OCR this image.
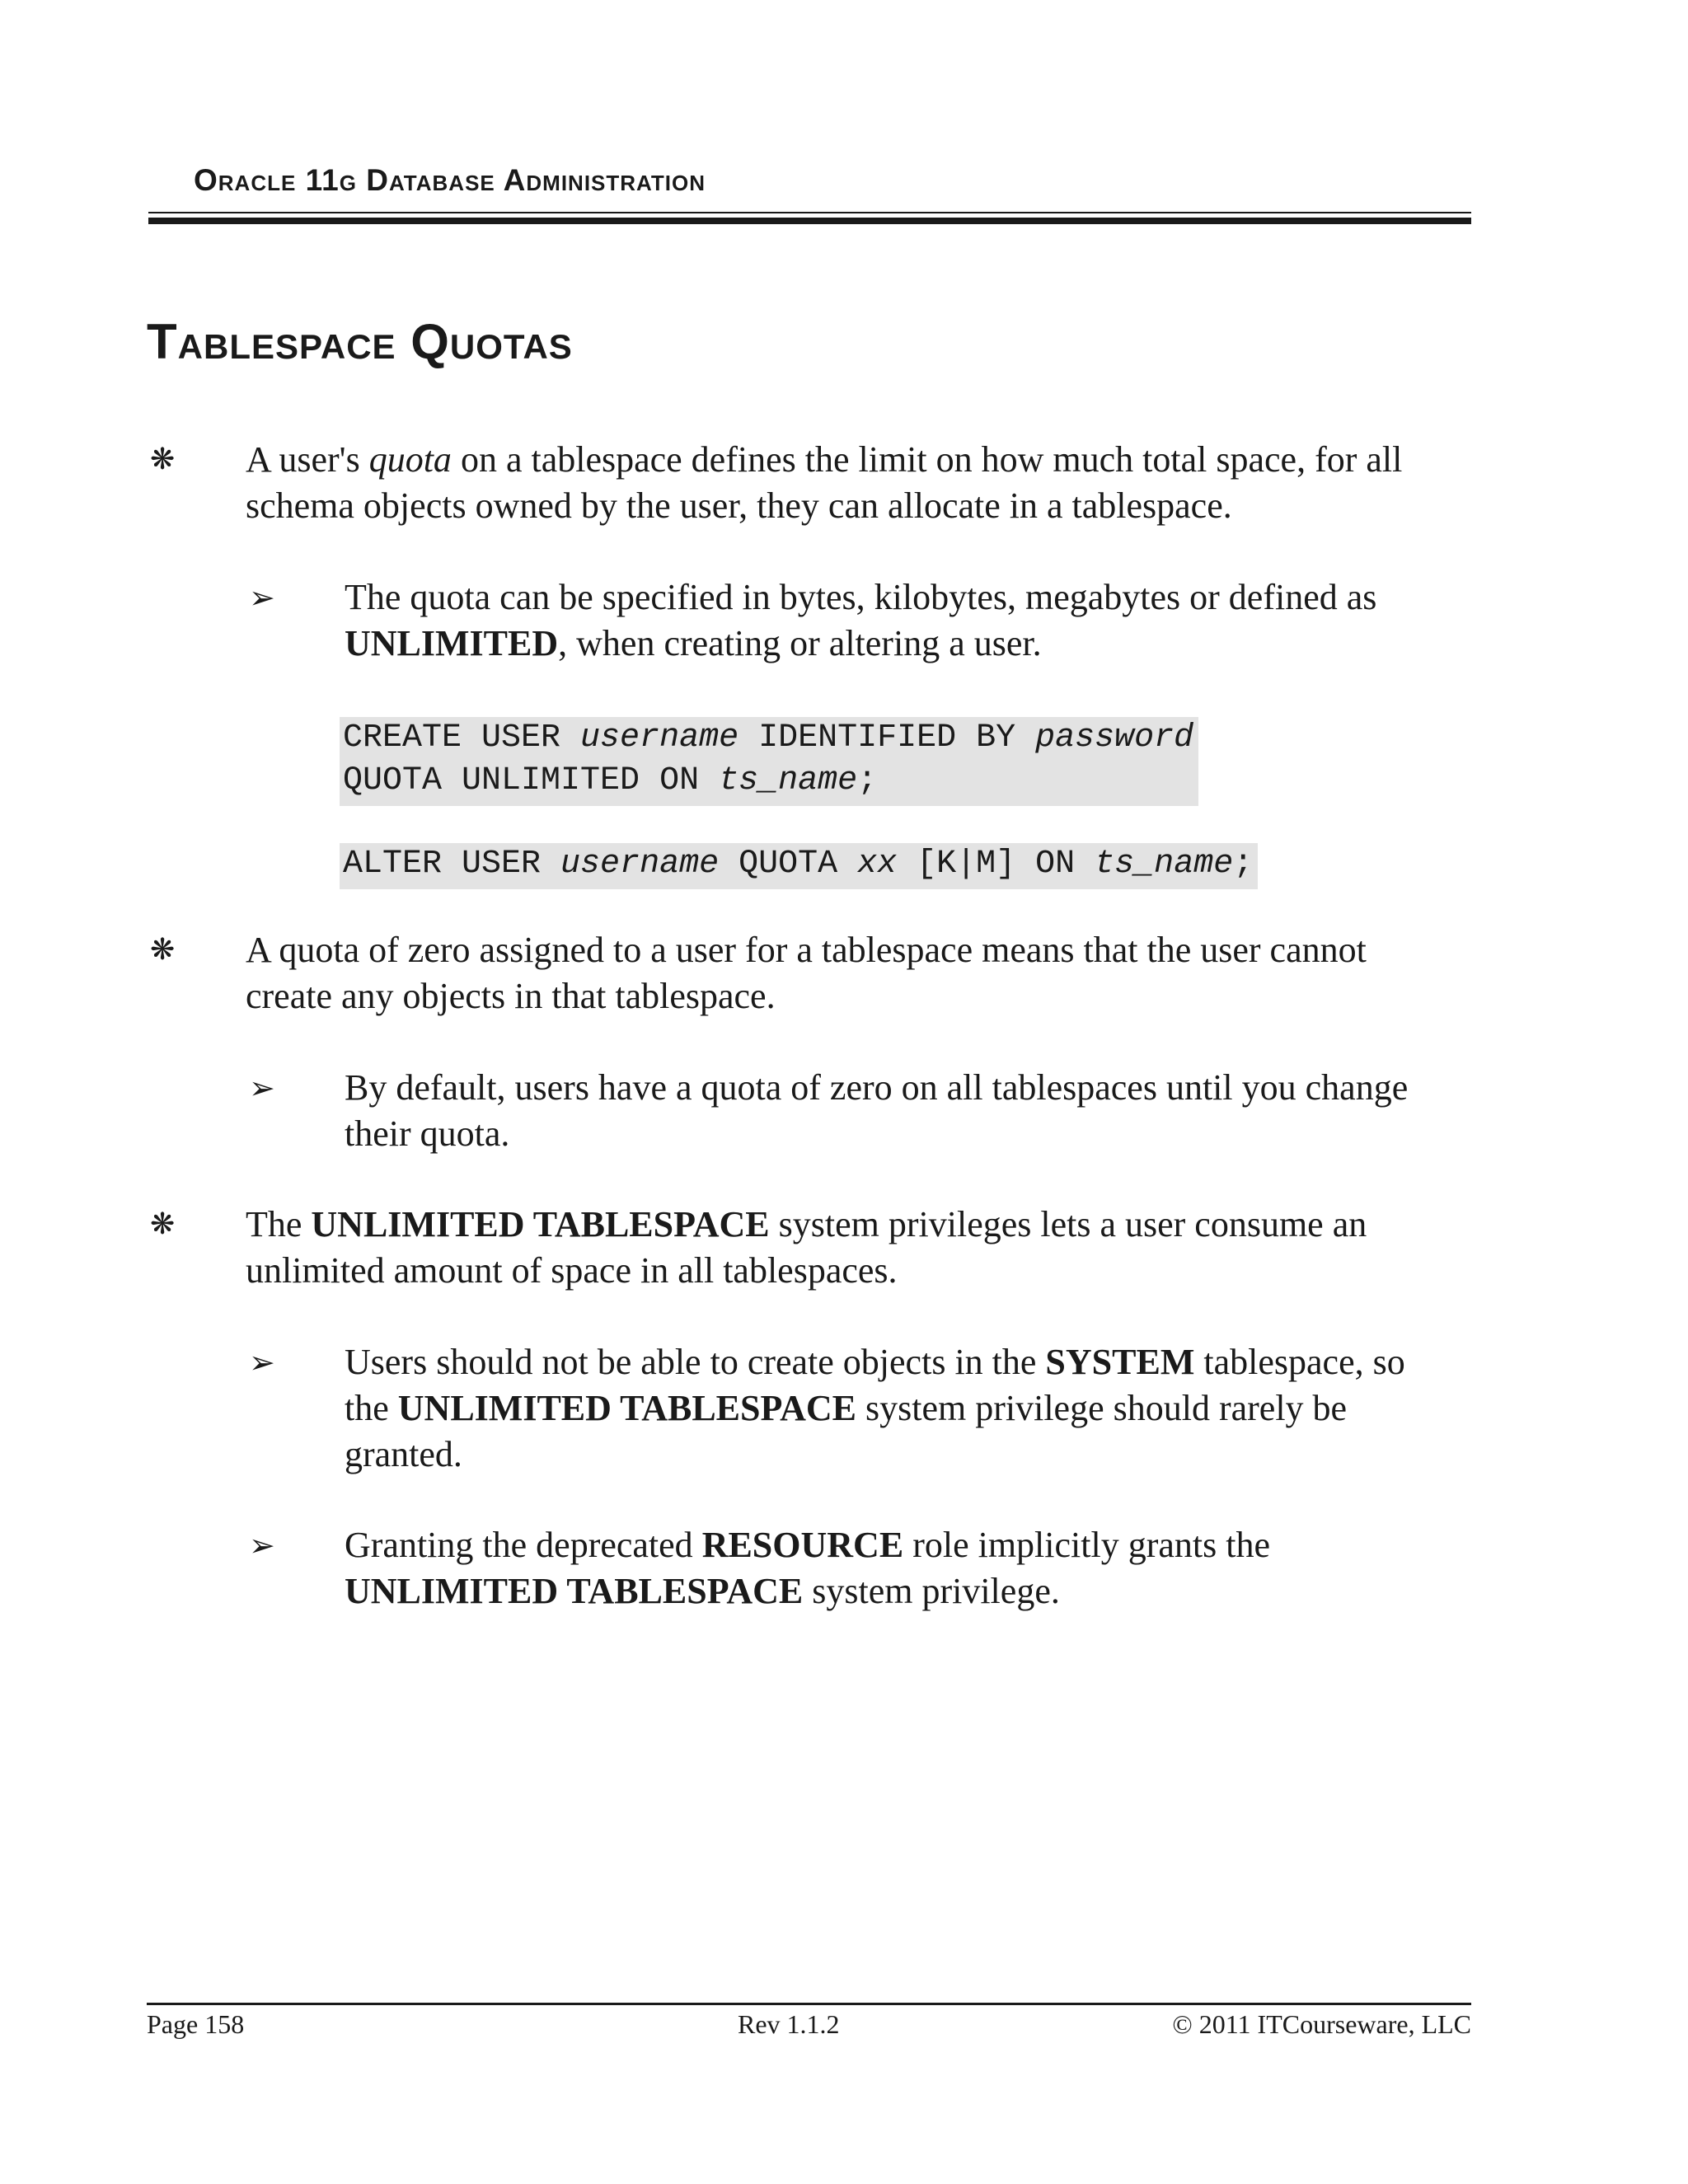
Oracle 11g Database Administration
Tablespace Quotas
❋ A user's quota on a tablespace defines the limit on how much total space, for all
schema objects owned by the user, they can allocate in a tablespace.
➢ The quota can be specified in bytes, kilobytes, megabytes or defined as
UNLIMITED, when creating or altering a user.
CREATE USER username IDENTIFIED BY password
QUOTA UNLIMITED ON ts_name;
ALTER USER username QUOTA xx [K|M] ON ts_name;
❋ A quota of zero assigned to a user for a tablespace means that the user cannot
create any objects in that tablespace.
➢ By default, users have a quota of zero on all tablespaces until you change
their quota.
❋ The UNLIMITED TABLESPACE system privileges lets a user consume an
unlimited amount of space in all tablespaces.
➢ Users should not be able to create objects in the SYSTEM tablespace, so
the UNLIMITED TABLESPACE system privilege should rarely be
granted.
➢ Granting the deprecated RESOURCE role implicitly grants the
UNLIMITED TABLESPACE system privilege.
Page 158	Rev 1.1.2	© 2011 ITCourseware, LLC
